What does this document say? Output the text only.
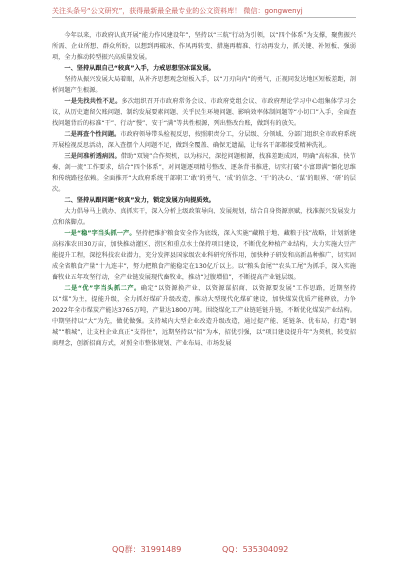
关注头条号“公文研究”，获得最新最全最专业的公文资料库！ 微信：gongwenyj

今年以来，市政府认真开展“能力作风建设年”，坚持以“三航”行动为引领，以“四个体系”为支撑，聚焦振兴所需、企业所想、群众所盼，以想到再破冰、作风再转变、措施再精准、行动再发力，抓关键、补短板、强弱项，全力推动转型振兴高质量发展。

一、坚持从跟自己“较真”入手，力戒思想坚冰谋发展。

坚持从振兴发展大局着眼，从补齐思想观念短板入手，以“刀刃向内”的勇气，正视同发达地区短板差距，剖析问题产生根源。

一是先找共性不足。多次组织召开市政府常务会议、市政府党组会议、市政府理论学习中心组集体学习会议，从历史遗留欠账问题、制约发展要素问题、关乎民生环境问题、影响效率体制问题等“小切口”入手，全面查找问题背后的标准“干”、行动“慢”、安于“满”等共性根源，列出整改台账，做到有的放矢。

二是再查个性问题。市政府领导带头检视反思，按照职责分工，分层级、分领域、分部门组织全市政府系统开展检视反思活动，深入查摆个人问题不足，做到全覆盖、确保无遗漏，让每名干部都接受精神洗礼。

三是问准析透病因。借助“双镜”合作契机，以为标尺，深挖问题根源，找准差距成因，明确“高标准、快节奏、剑一流”工作要求，结合“四个体系”，对问题逐项精号整改、逐条背书推进，切实打破“小富即满”僵化思维和传统路径依赖。全面推开“大政府系统干部职工‘敢’的勇气、‘成’的信念、‘干’的决心、‘谋’的眼界、‘研’的层次。

二、坚持从跟问题“较真”发力，锁定发展方向提质效。

大力倡导马上就办、真抓实干，深入分析上级政策导向、发展规划，结合自身资源禀赋，找准振兴发展发力点和落脚点。

一是“稳”字当头抓一产。坚持把维护粮食安全作为底线，深入实施“藏粮于地、藏粮于技”战略，计划新建高标准农田30万亩，加快推动灌区、涝区和重点水土保持项目建设，不断优化种植产业结构，大力实施大豆产能提升工程，深挖科技农业潜力，充分发挥县国家级农业科研究所作用，加快种子研发和高新品种推广，切实固成全省粮食产量“十九连丰”，努力把粮食产能稳定在130亿斤以上。以“粮头食尾”“农头工尾”为抓手，深入实施畜牧业五年攻坚行动，全产业链发展现代畜牧业，推动“过腹增值”，不断提高产业链层级。

二是“优”字当头抓二产。确定“以资源换产业、以资源谋招商、以资源要发展”工作思路，近期坚持以“煤”为主，提能升级，全力抓好煤矿升级改造，推动大型现代化煤矿建设，加快煤炭优质产能释放，力争2022年全市煤炭产能达3765万吨，产量达1800万吨。围绕煤化工产业链延链升链，不断优化煤炭产业结构。中期坚持以“大”为先，做优做强。支持城内大型企业改造升级改造，通过提产能、延链条、优布局，打造“钢城”“粮城”，让支柱企业真正“支得住”，远期坚持以“招”为本，招优引强，以“项目建设提升年”为契机，转变招商理念，创新招商方式，对照全市整体规划、产业布局、市场发展

QQ群：31991489	QQ：535304092
